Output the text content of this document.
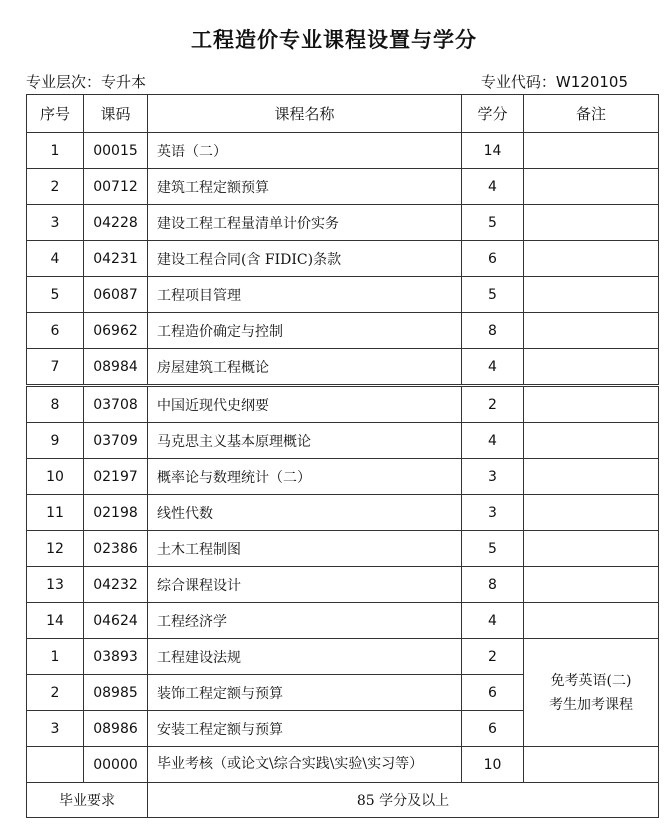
工程造价专业课程设置与学分
专业层次：专升本	专业代码：W120105
序号	课码	课程名称	学分	备注
1	00015	英语（二）	14	
2	00712	建筑工程定额预算	4	
3	04228	建设工程工程量清单计价实务	5	
4	04231	建设工程合同(含 FIDIC)条款	6	
5	06087	工程项目管理	5	
6	06962	工程造价确定与控制	8	
7	08984	房屋建筑工程概论	4	
8	03708	中国近现代史纲要	2	
9	03709	马克思主义基本原理概论	4	
10	02197	概率论与数理统计（二）	3	
11	02198	线性代数	3	
12	02386	土木工程制图	5	
13	04232	综合课程设计	8	
14	04624	工程经济学	4	
1	03893	工程建设法规	2	免考英语(二)
考生加考课程

2	08985	装饰工程定额与预算	6	
3	08986	安装工程定额与预算	6	
	00000	毕业考核（或论文\综合实践\实验\实习等）	10	
毕业要求		85 学分及以上		
